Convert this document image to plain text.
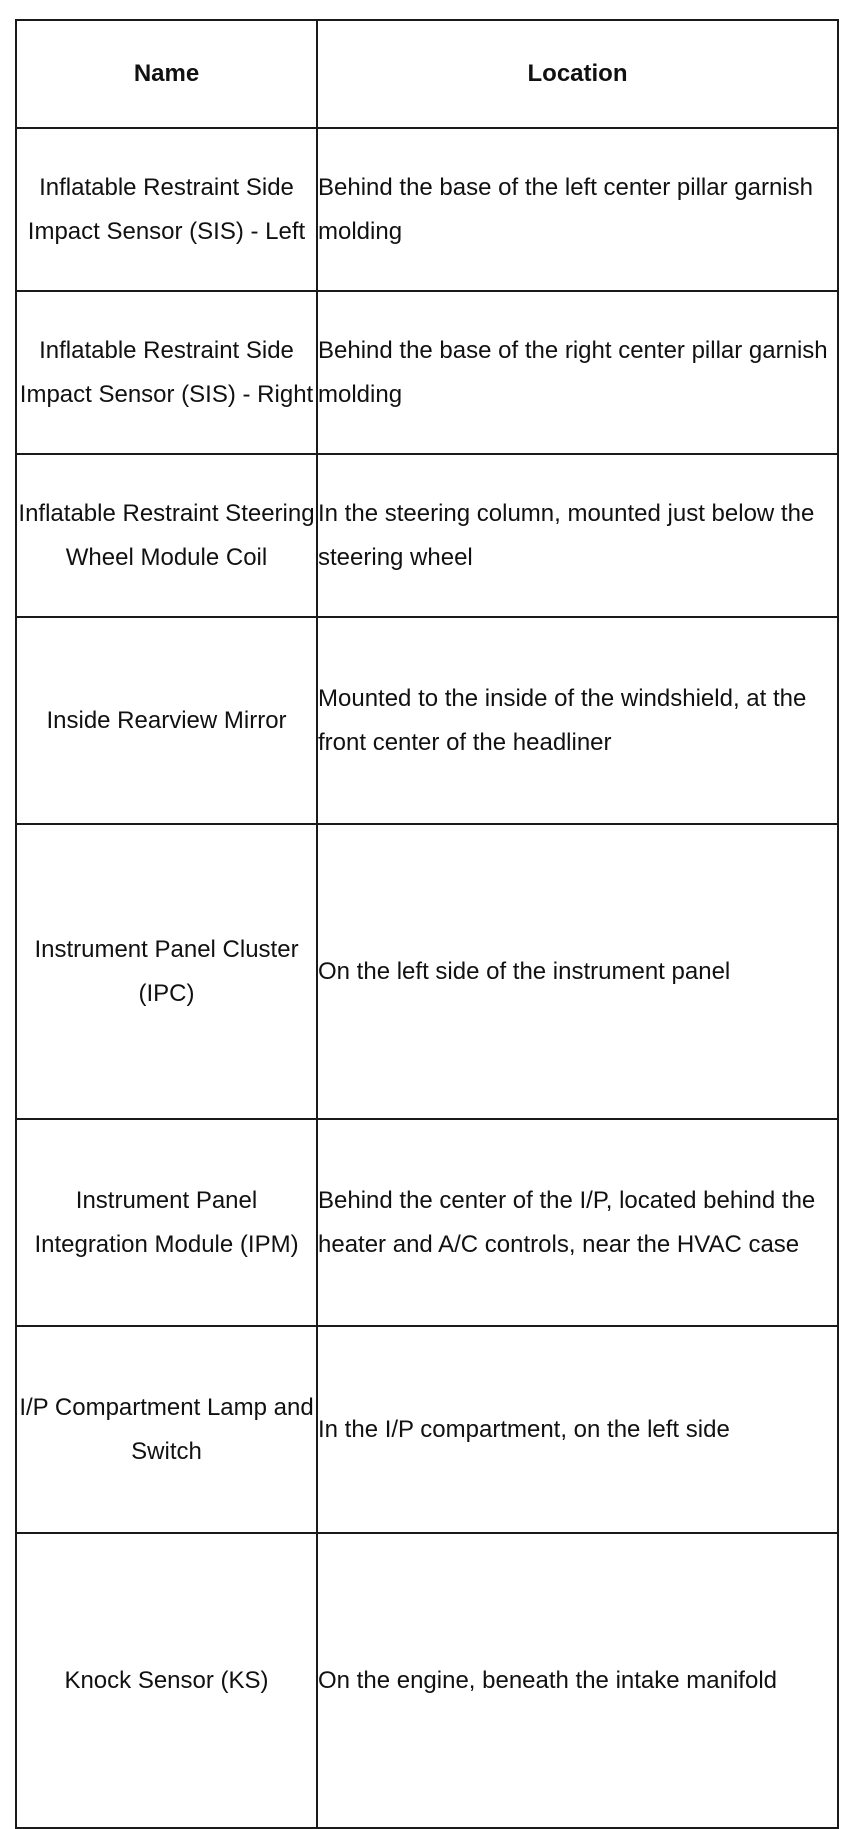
Name	Location
Inflatable Restraint Side Impact Sensor (SIS) - Left	Behind the base of the left center pillar garnish molding
Inflatable Restraint Side Impact Sensor (SIS) - Right	Behind the base of the right center pillar garnish molding
Inflatable Restraint Steering Wheel Module Coil	In the steering column, mounted just below the steering wheel
Inside Rearview Mirror	Mounted to the inside of the windshield, at the front center of the headliner
Instrument Panel Cluster (IPC)	On the left side of the instrument panel
Instrument Panel Integration Module (IPM)	Behind the center of the I/P, located behind the heater and A/C controls, near the HVAC case
I/P Compartment Lamp and Switch	In the I/P compartment, on the left side
Knock Sensor (KS)	On the engine, beneath the intake manifold
